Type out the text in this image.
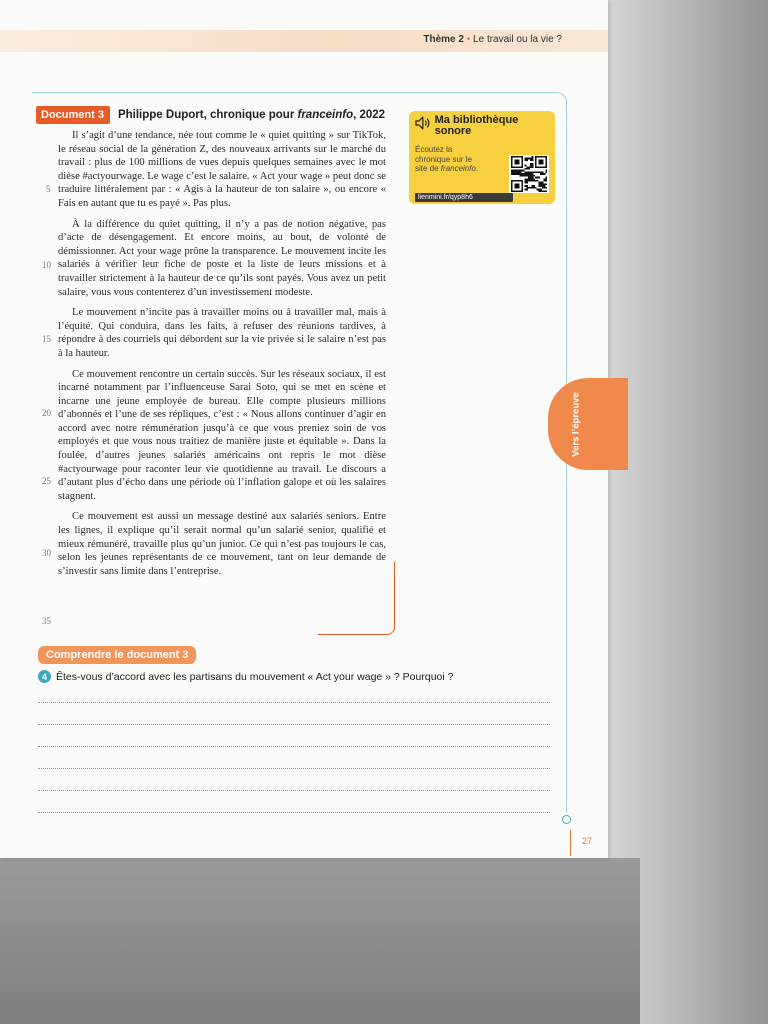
Thème 2 • Le travail ou la vie ?
Document 3	Philippe Duport, chronique pour franceinfo, 2022

Il s’agit d’une tendance, née tout comme le « quiet quitting » sur TikTok, le réseau social de la génération Z, des nouveaux arrivants sur le marché du travail : plus de 100 millions de vues depuis quelques semaines avec le mot dièse #actyourwage. Le wage c’est le salaire. « Act your wage » peut donc se traduire littéralement par : « Agis à la hauteur de ton salaire », ou encore « Fais en autant que tu es payé ». Pas plus.

À la différence du quiet quitting, il n’y a pas de notion négative, pas d’acte de désengagement. Et encore moins, au bout, de volonté de démissionner. Act your wage prône la transparence. Le mouvement incite les salariés à vérifier leur fiche de poste et la liste de leurs missions et à travailler strictement à la hauteur de ce qu’ils sont payés. Vous avez un petit salaire, vous vous contenterez d’un investissement modeste.

Le mouvement n’incite pas à travailler moins ou à travailler mal, mais à l’équité. Qui conduira, dans les faits, à refuser des réunions tardives, à répondre à des courriels qui débordent sur la vie privée si le salaire n’est pas à la hauteur.

Ce mouvement rencontre un certain succès. Sur les réseaux sociaux, il est incarné notamment par l’influenceuse Sarai Soto, qui se met en scène et incarne une jeune employée de bureau. Elle compte plusieurs millions d’abonnés et l’une de ses répliques, c’est : « Nous allons continuer d’agir en accord avec notre rémunération jusqu’à ce que vous preniez soin de vos employés et que vous nous traitiez de manière juste et équitable ». Dans la foulée, d’autres jeunes salariés américains ont repris le mot dièse #actyourwage pour raconter leur vie quotidienne au travail. Le discours a d’autant plus d’écho dans une période où l’inflation galope et où les salaires stagnent.

Ce mouvement est aussi un message destiné aux salariés seniors. Entre les lignes, il explique qu’il serait normal qu’un salarié senior, qualifié et mieux rémunéré, travaille plus qu’un junior. Ce qui n’est pas toujours le cas, selon les jeunes représentants de ce mouvement, tant on leur demande de s’investir sans limite dans l’entreprise.

5
10
15
20
25
30
35
Ma bibliothèque sonore
Écoutez la chronique sur le site de franceinfo.
lienmini.fr/qyp8h6
Comprendre le document 3
4 Êtes-vous d’accord avec les partisans du mouvement « Act your wage » ? Pourquoi ?
27
Vers l’épreuve
